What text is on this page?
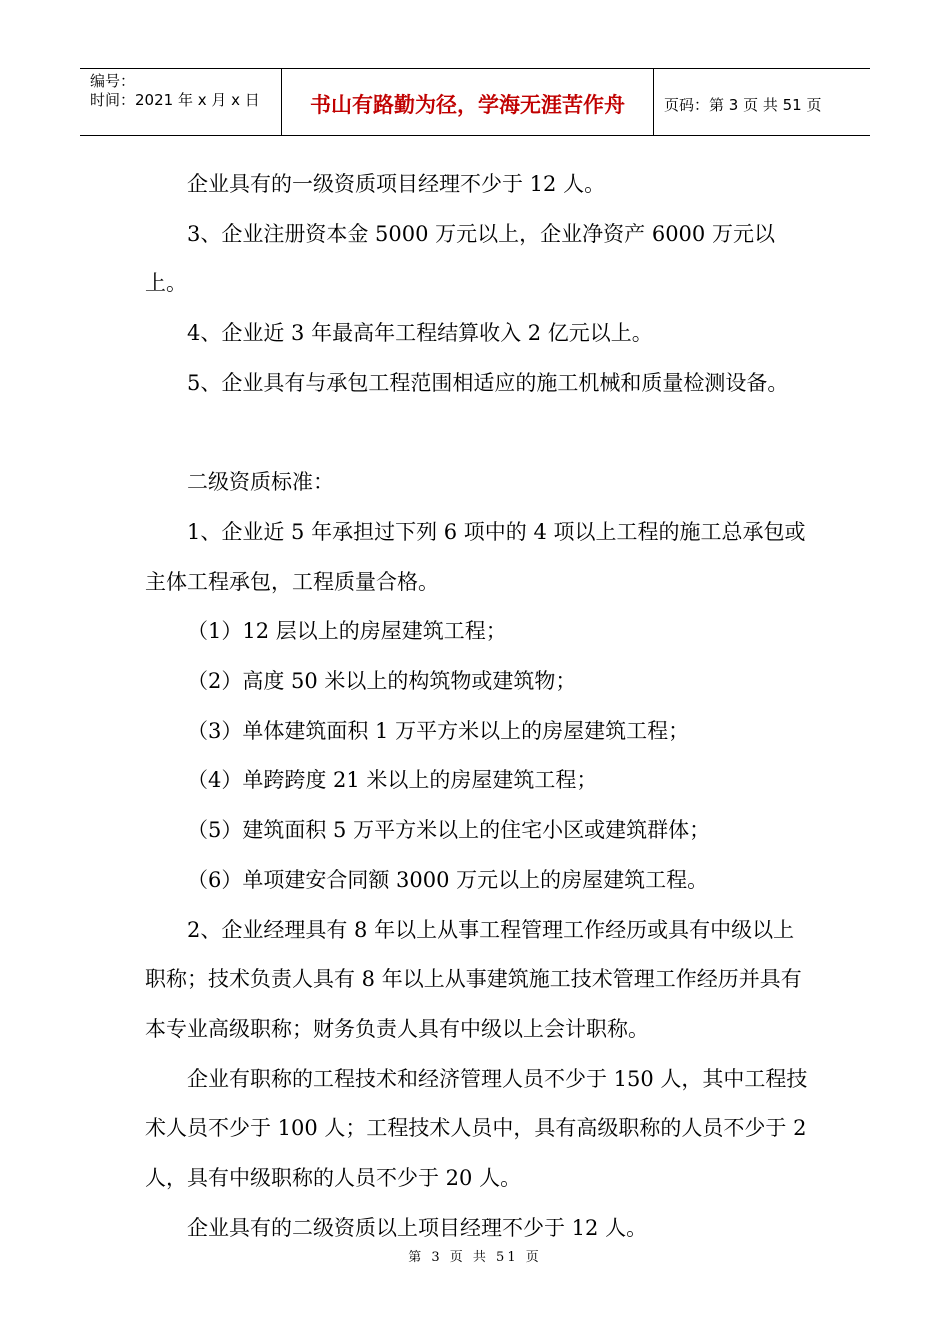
编号：
时间：2021 年 x 月 x 日	书山有路勤为径，学海无涯苦作舟	页码：第 3 页 共 51 页

企业具有的一级资质项目经理不少于 12 人。

3、企业注册资本金 5000 万元以上，企业净资产 6000 万元以上。

4、企业近 3 年最高年工程结算收入 2 亿元以上。

5、企业具有与承包工程范围相适应的施工机械和质量检测设备。

二级资质标准：

1、企业近 5 年承担过下列 6 项中的 4 项以上工程的施工总承包或主体工程承包，工程质量合格。

（1）12 层以上的房屋建筑工程；

（2）高度 50 米以上的构筑物或建筑物；

（3）单体建筑面积 1 万平方米以上的房屋建筑工程；

（4）单跨跨度 21 米以上的房屋建筑工程；

（5）建筑面积 5 万平方米以上的住宅小区或建筑群体；

（6）单项建安合同额 3000 万元以上的房屋建筑工程。

2、企业经理具有 8 年以上从事工程管理工作经历或具有中级以上职称；技术负责人具有 8 年以上从事建筑施工技术管理工作经历并具有本专业高级职称；财务负责人具有中级以上会计职称。

企业有职称的工程技术和经济管理人员不少于 150 人，其中工程技术人员不少于 100 人；工程技术人员中，具有高级职称的人员不少于 2 人，具有中级职称的人员不少于 20 人。

企业具有的二级资质以上项目经理不少于 12 人。

第 3 页 共 51 页
